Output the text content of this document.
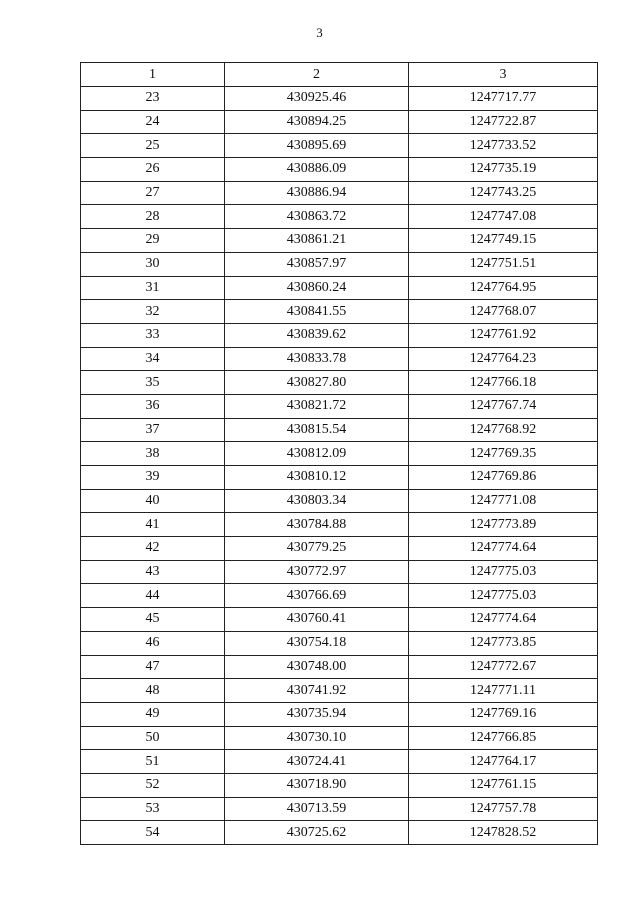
3
1	2	3
23	430925.46	1247717.77
24	430894.25	1247722.87
25	430895.69	1247733.52
26	430886.09	1247735.19
27	430886.94	1247743.25
28	430863.72	1247747.08
29	430861.21	1247749.15
30	430857.97	1247751.51
31	430860.24	1247764.95
32	430841.55	1247768.07
33	430839.62	1247761.92
34	430833.78	1247764.23
35	430827.80	1247766.18
36	430821.72	1247767.74
37	430815.54	1247768.92
38	430812.09	1247769.35
39	430810.12	1247769.86
40	430803.34	1247771.08
41	430784.88	1247773.89
42	430779.25	1247774.64
43	430772.97	1247775.03
44	430766.69	1247775.03
45	430760.41	1247774.64
46	430754.18	1247773.85
47	430748.00	1247772.67
48	430741.92	1247771.11
49	430735.94	1247769.16
50	430730.10	1247766.85
51	430724.41	1247764.17
52	430718.90	1247761.15
53	430713.59	1247757.78
54	430725.62	1247828.52
